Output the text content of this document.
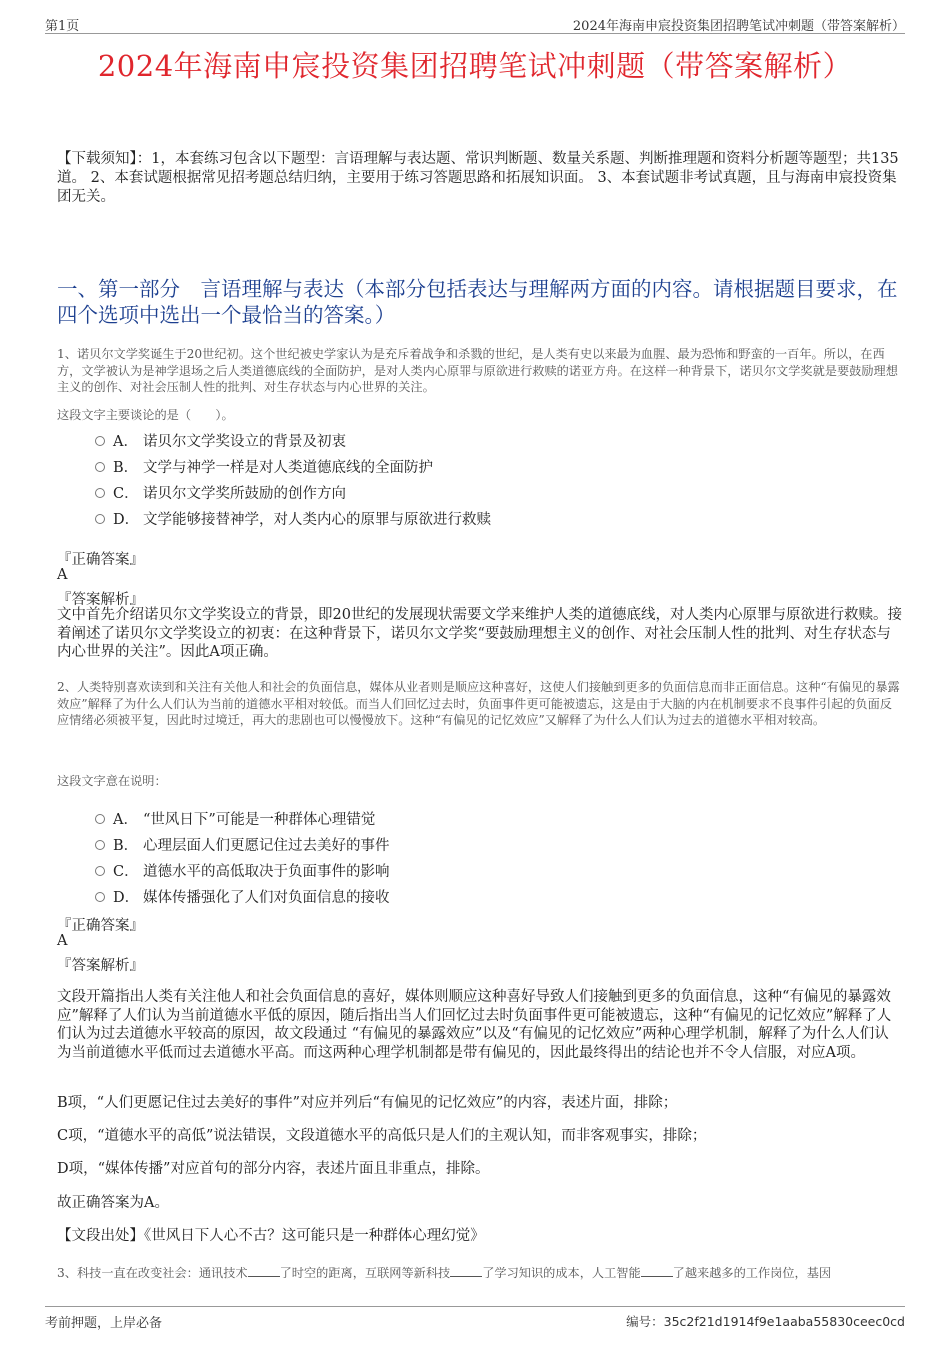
第1页	2024年海南申宸投资集团招聘笔试冲刺题（带答案解析）
2024年海南申宸投资集团招聘笔试冲刺题（带答案解析）
【下载须知】：1，本套练习包含以下题型：言语理解与表达题、常识判断题、数量关系题、判断推理题和资料分析题等题型；共135道。 2、本套试题根据常见招考题总结归纳，主要用于练习答题思路和拓展知识面。 3、本套试题非考试真题，且与海南申宸投资集团无关。
一、第一部分　言语理解与表达（本部分包括表达与理解两方面的内容。请根据题目要求，在四个选项中选出一个最恰当的答案。）
1、诺贝尔文学奖诞生于20世纪初。这个世纪被史学家认为是充斥着战争和杀戮的世纪，是人类有史以来最为血腥、最为恐怖和野蛮的一百年。所以，在西方，文学被认为是神学退场之后人类道德底线的全面防护，是对人类内心原罪与原欲进行救赎的诺亚方舟。在这样一种背景下，诺贝尔文学奖就是要鼓励理想主义的创作、对社会压制人性的批判、对生存状态与内心世界的关注。
这段文字主要谈论的是（　　）。
A． 诺贝尔文学奖设立的背景及初衷
B． 文学与神学一样是对人类道德底线的全面防护
C． 诺贝尔文学奖所鼓励的创作方向
D． 文学能够接替神学，对人类内心的原罪与原欲进行救赎
『正确答案』
A
『答案解析』
文中首先介绍诺贝尔文学奖设立的背景，即20世纪的发展现状需要文学来维护人类的道德底线，对人类内心原罪与原欲进行救赎。接着阐述了诺贝尔文学奖设立的初衷：在这种背景下，诺贝尔文学奖“要鼓励理想主义的创作、对社会压制人性的批判、对生存状态与内心世界的关注”。因此A项正确。
2、人类特别喜欢读到和关注有关他人和社会的负面信息，媒体从业者则是顺应这种喜好，这使人们接触到更多的负面信息而非正面信息。这种“有偏见的暴露效应”解释了为什么人们认为当前的道德水平相对较低。而当人们回忆过去时，负面事件更可能被遗忘，这是由于大脑的内在机制要求不良事件引起的负面反应情绪必须被平复，因此时过境迁，再大的悲剧也可以慢慢放下。这种“有偏见的记忆效应”又解释了为什么人们认为过去的道德水平相对较高。
这段文字意在说明：
A． “世风日下”可能是一种群体心理错觉
B． 心理层面人们更愿记住过去美好的事件
C． 道德水平的高低取决于负面事件的影响
D． 媒体传播强化了人们对负面信息的接收
『正确答案』
A
『答案解析』
文段开篇指出人类有关注他人和社会负面信息的喜好，媒体则顺应这种喜好导致人们接触到更多的负面信息，这种“有偏见的暴露效应”解释了人们认为当前道德水平低的原因，随后指出当人们回忆过去时负面事件更可能被遗忘，这种“有偏见的记忆效应”解释了人们认为过去道德水平较高的原因，故文段通过 “有偏见的暴露效应”以及“有偏见的记忆效应”两种心理学机制，解释了为什么人们认为当前道德水平低而过去道德水平高。而这两种心理学机制都是带有偏见的，因此最终得出的结论也并不令人信服，对应A项。
B项，“人们更愿记住过去美好的事件”对应并列后“有偏见的记忆效应”的内容，表述片面，排除；
C项，“道德水平的高低”说法错误，文段道德水平的高低只是人们的主观认知，而非客观事实，排除；
D项，“媒体传播”对应首句的部分内容，表述片面且非重点，排除。
故正确答案为A。
【文段出处】《世风日下人心不古？这可能只是一种群体心理幻觉》
3、科技一直在改变社会：通讯技术	了时空的距离，互联网等新科技	了学习知识的成本，人工智能	了越来越多的工作岗位，基因
考前押题，上岸必备	编号：35c2f21d1914f9e1aaba55830ceec0cd
